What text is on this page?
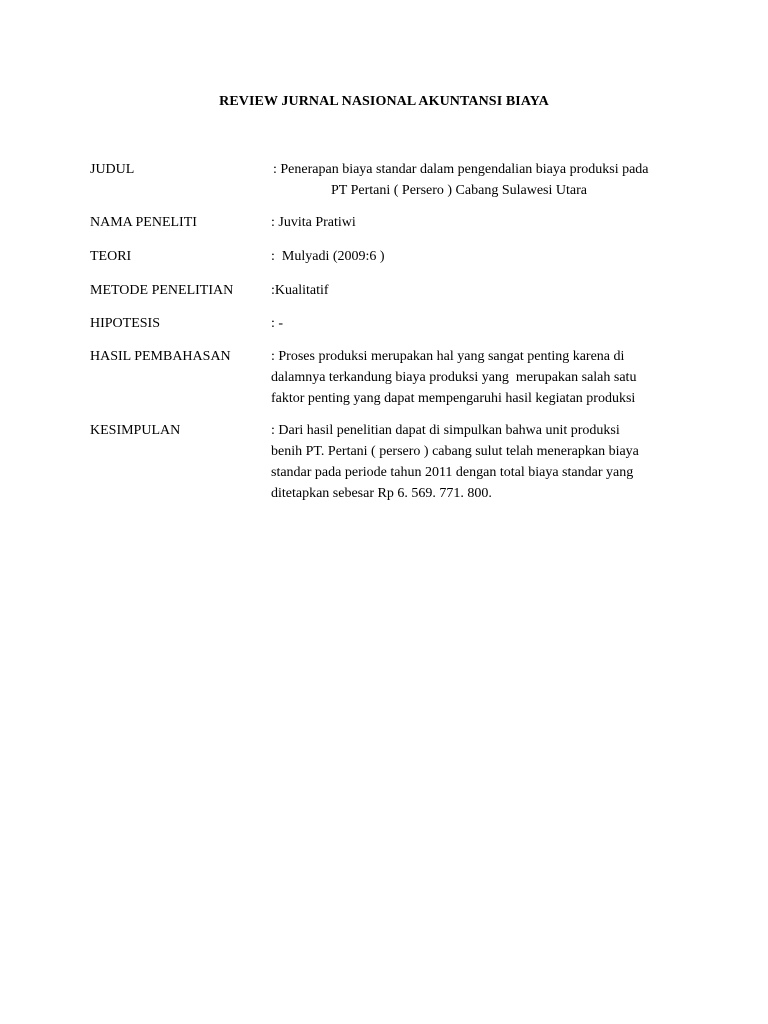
REVIEW JURNAL NASIONAL AKUNTANSI BIAYA
JUDUL	: Penerapan biaya standar dalam pengendalian biaya produksi pada
PT Pertani ( Persero ) Cabang Sulawesi Utara
NAMA PENELITI	: Juvita Pratiwi
TEORI	:  Mulyadi (2009:6 )
METODE PENELITIAN	:Kualitatif
HIPOTESIS	: -
HASIL PEMBAHASAN	: Proses produksi merupakan hal yang sangat penting karena di
dalamnya terkandung biaya produksi yang  merupakan salah satu
faktor penting yang dapat mempengaruhi hasil kegiatan produksi
KESIMPULAN	: Dari hasil penelitian dapat di simpulkan bahwa unit produksi
benih PT. Pertani ( persero ) cabang sulut telah menerapkan biaya
standar pada periode tahun 2011 dengan total biaya standar yang
ditetapkan sebesar Rp 6. 569. 771. 800.
